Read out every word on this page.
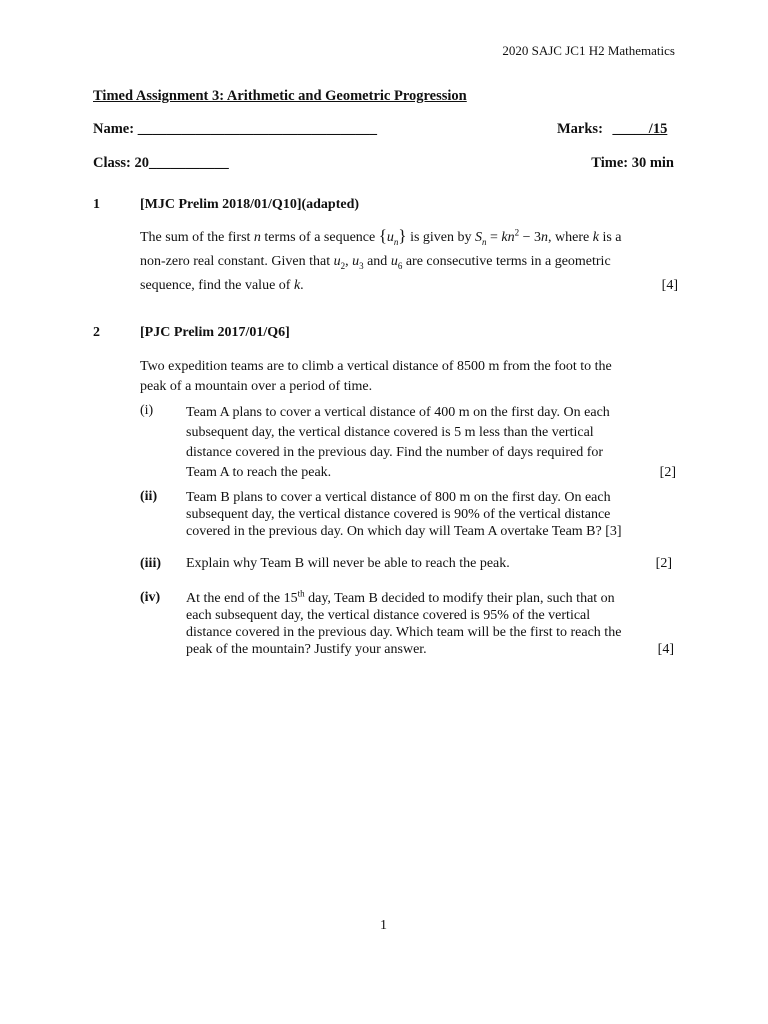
2020 SAJC JC1 H2 Mathematics
Timed Assignment 3: Arithmetic and Geometric Progression
Name: _________________________________	Marks: _____/15
Class: 20___________	Time: 30 min
1	[MJC Prelim 2018/01/Q10](adapted)
The sum of the first n terms of a sequence $\{u_n\}$ is given by $S_n = kn^2 - 3n$, where k is a
non-zero real constant. Given that $u_2$, $u_3$ and $u_6$ are consecutive terms in a geometric
sequence, find the value of k.	[4]
2	[PJC Prelim 2017/01/Q6]
Two expedition teams are to climb a vertical distance of 8500 m from the foot to the
peak of a mountain over a period of time.
(i) Team A plans to cover a vertical distance of 400 m on the first day. On each
subsequent day, the vertical distance covered is 5 m less than the vertical
distance covered in the previous day. Find the number of days required for
Team A to reach the peak.	[2]
(ii) Team B plans to cover a vertical distance of 800 m on the first day. On each
subsequent day, the vertical distance covered is 90% of the vertical distance
covered in the previous day. On which day will Team A overtake Team B? [3]
(iii) Explain why Team B will never be able to reach the peak.	[2]
(iv) At the end of the 15th day, Team B decided to modify their plan, such that on
each subsequent day, the vertical distance covered is 95% of the vertical
distance covered in the previous day. Which team will be the first to reach the
peak of the mountain? Justify your answer.	[4]
1
